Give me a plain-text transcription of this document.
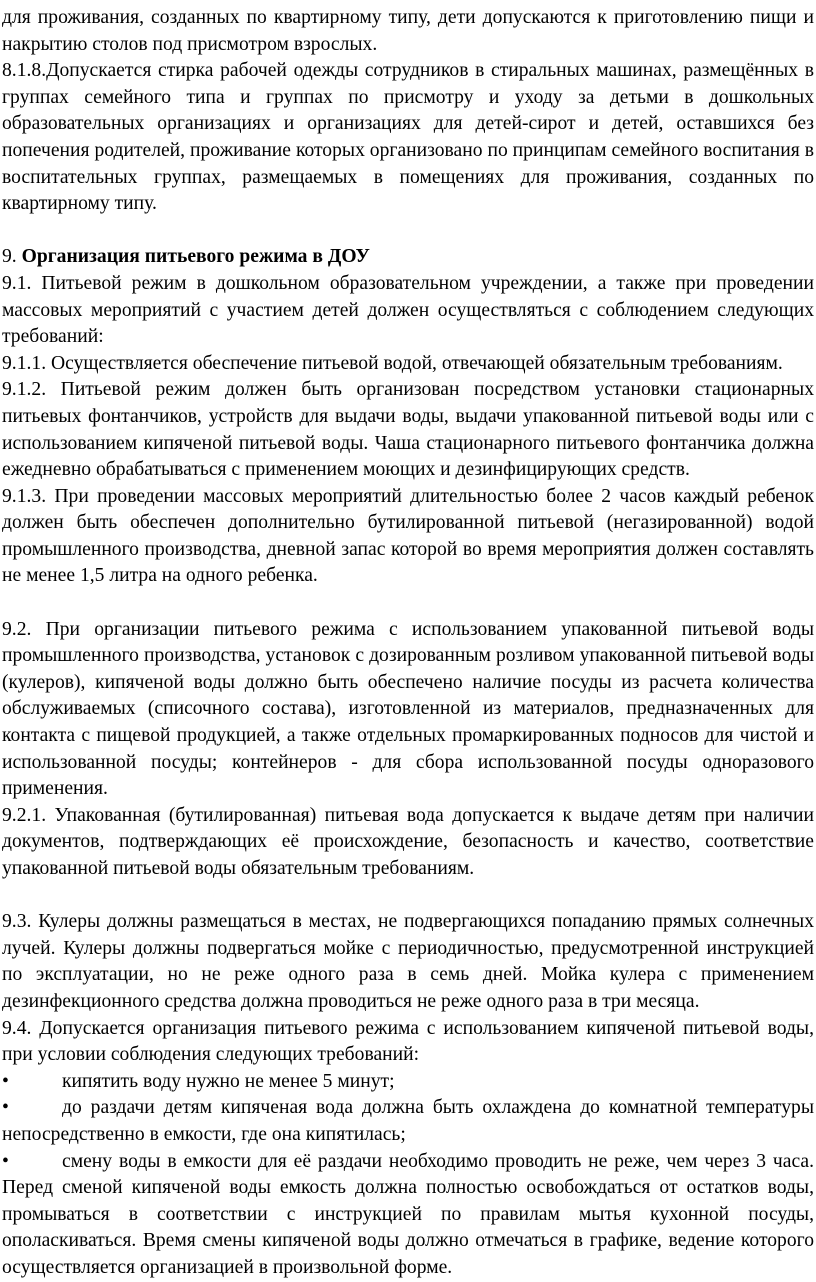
для проживания, созданных по квартирному типу, дети допускаются к приготовлению пищи и накрытию столов под присмотром взрослых.

8.1.8.Допускается стирка рабочей одежды сотрудников в стиральных машинах, размещённых в группах семейного типа и группах по присмотру и уходу за детьми в дошкольных образовательных организациях и организациях для детей-сирот и детей, оставшихся без попечения родителей, проживание которых организовано по принципам семейного воспитания в воспитательных группах, размещаемых в помещениях для проживания, созданных по квартирному типу.

9. Организация питьевого режима в ДОУ

9.1. Питьевой режим в дошкольном образовательном учреждении, а также при проведении массовых мероприятий с участием детей должен осуществляться с соблюдением следующих требований:

9.1.1. Осуществляется обеспечение питьевой водой, отвечающей обязательным требованиям.

9.1.2. Питьевой режим должен быть организован посредством установки стационарных питьевых фонтанчиков, устройств для выдачи воды, выдачи упакованной питьевой воды или с использованием кипяченой питьевой воды. Чаша стационарного питьевого фонтанчика должна ежедневно обрабатываться с применением моющих и дезинфицирующих средств.

9.1.3. При проведении массовых мероприятий длительностью более 2 часов каждый ребенок должен быть обеспечен дополнительно бутилированной питьевой (негазированной) водой промышленного производства, дневной запас которой во время мероприятия должен составлять не менее 1,5 литра на одного ребенка.

9.2. При организации питьевого режима с использованием упакованной питьевой воды промышленного производства, установок с дозированным розливом упакованной питьевой воды (кулеров), кипяченой воды должно быть обеспечено наличие посуды из расчета количества обслуживаемых (списочного состава), изготовленной из материалов, предназначенных для контакта с пищевой продукцией, а также отдельных промаркированных подносов для чистой и использованной посуды; контейнеров - для сбора использованной посуды одноразового применения.

9.2.1. Упакованная (бутилированная) питьевая вода допускается к выдаче детям при наличии документов, подтверждающих её происхождение, безопасность и качество, соответствие упакованной питьевой воды обязательным требованиям.

9.3. Кулеры должны размещаться в местах, не подвергающихся попаданию прямых солнечных лучей. Кулеры должны подвергаться мойке с периодичностью, предусмотренной инструкцией по эксплуатации, но не реже одного раза в семь дней. Мойка кулера с применением дезинфекционного средства должна проводиться не реже одного раза в три месяца.

9.4. Допускается организация питьевого режима с использованием кипяченой питьевой воды, при условии соблюдения следующих требований:

•	кипятить воду нужно не менее 5 минут;

•	до раздачи детям кипяченая вода должна быть охлаждена до комнатной температуры непосредственно в емкости, где она кипятилась;

•	смену воды в емкости для её раздачи необходимо проводить не реже, чем через 3 часа. Перед сменой кипяченой воды емкость должна полностью освобождаться от остатков воды, промываться в соответствии с инструкцией по правилам мытья кухонной посуды, ополаскиваться. Время смены кипяченой воды должно отмечаться в графике, ведение которого осуществляется организацией в произвольной форме.
